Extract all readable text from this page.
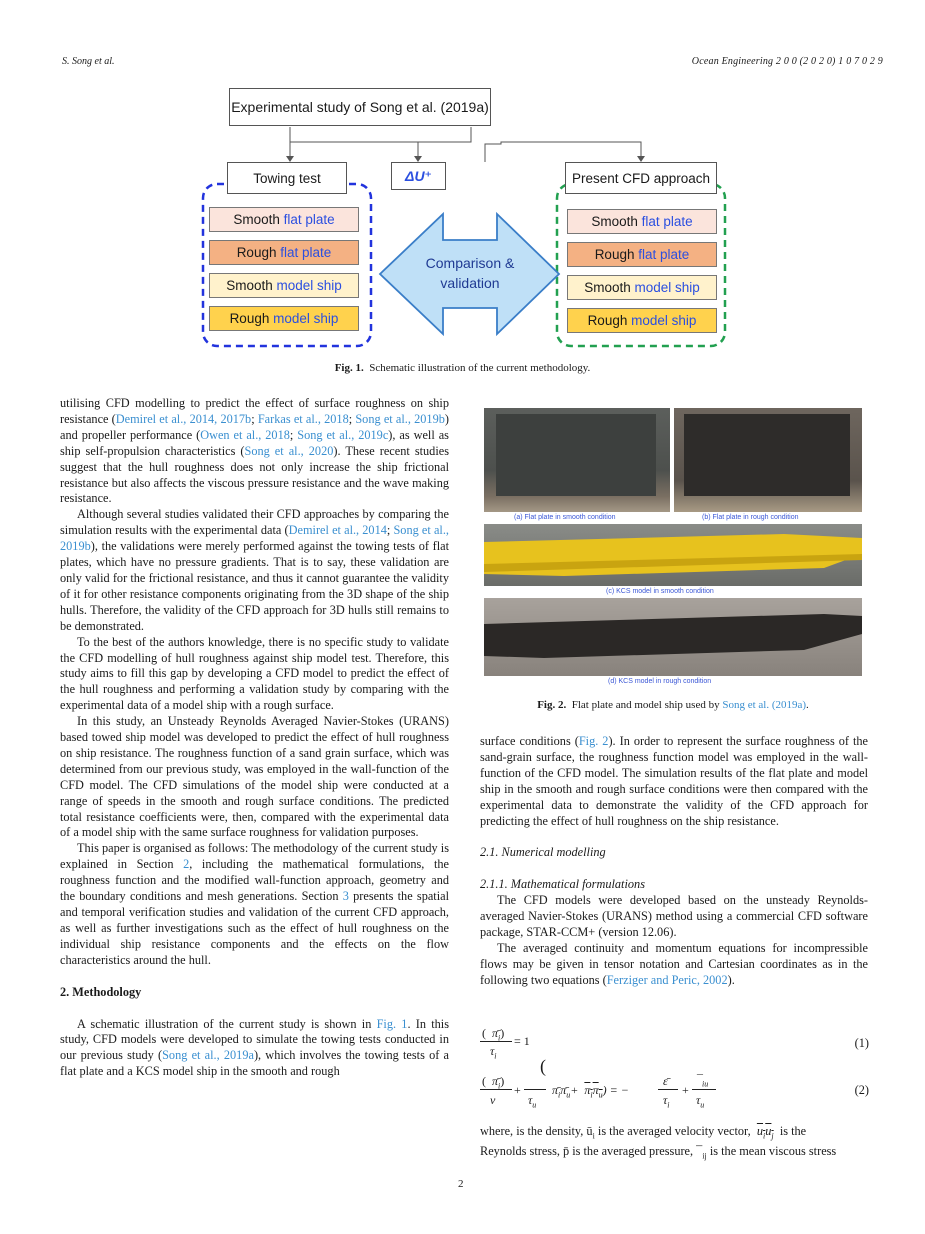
S. Song et al.	Ocean Engineering 2 0 0 (2 0 2 0) 1 0 7 0 2 9
Experimental study of Song et al. (2019a)
Towing test	ΔU⁺	Present CFD approach
Smooth
flat plate
Rough
flat plate
Smooth
model ship
Rough
model ship
Smooth
flat plate
Rough
flat plate
Smooth
model ship
Rough
model ship
Comparison &
validation
Fig. 1. Schematic illustration of the current methodology.
(a) Flat plate in smooth condition	(b) Flat plate in rough condition
(c) KCS model in smooth condition
(d) KCS model in rough condition
Fig. 2. Flat plate and model ship used by Song et al. (2019a).

utilising CFD modelling to predict the effect of surface roughness on ship resistance (Demirel et al., 2014, 2017b; Farkas et al., 2018; Song et al., 2019b) and propeller performance (Owen et al., 2018; Song et al., 2019c), as well as ship self-propulsion characteristics (Song et al., 2020). These recent studies suggest that the hull roughness does not only increase the ship frictional resistance but also affects the viscous pressure resistance and the wave making resistance.

Although several studies validated their CFD approaches by comparing the simulation results with the experimental data (Demirel et al., 2014; Song et al., 2019b), the validations were merely performed against the towing tests of flat plates, which have no pressure gradients. That is to say, these validation are only valid for the frictional resistance, and thus it cannot guarantee the validity of it for other resistance components originating from the 3D shape of the ship hulls. Therefore, the validity of the CFD approach for 3D hulls still remains to be demonstrated.

To the best of the authors knowledge, there is no specific study to validate the CFD modelling of hull roughness against ship model test. Therefore, this study aims to fill this gap by developing a CFD model to predict the effect of the hull roughness and performing a validation study by comparing with the experimental data of a model ship with a rough surface.

In this study, an Unsteady Reynolds Averaged Navier-Stokes (URANS) based towed ship model was developed to predict the effect of hull roughness on ship resistance. The roughness function of a sand grain surface, which was determined from our previous study, was employed in the wall-function of the CFD model. The CFD simulations of the model ship were conducted at a range of speeds in the smooth and rough surface conditions. The predicted total resistance coefficients were, then, compared with the experimental data of a model ship with the same surface roughness for validation purposes.

This paper is organised as follows: The methodology of the current study is explained in Section 2, including the mathematical formulations, the roughness function and the modified wall-function approach, geometry and the boundary conditions and mesh generations. Section 3 presents the spatial and temporal verification studies and validation of the current CFD approach, as well as further investigations such as the effect of hull roughness on the individual ship resistance components and the effects on the flow characteristics around the hull.

2. Methodology

A schematic illustration of the current study is shown in Fig. 1. In this study, CFD models were developed to simulate the towing tests conducted in our previous study (Song et al., 2019a), which involves the towing tests of a flat plate and a KCS model ship in the smooth and rough

surface conditions (Fig. 2). In order to represent the surface roughness of the sand-grain surface, the roughness function model was employed in the wall-function of the CFD model. The simulation results of the flat plate and model ship in the smooth and rough surface conditions were then compared with the experimental data to demonstrate the validity of the CFD approach for predicting the effect of hull roughness on the ship resistance.

2.1. Numerical modelling

2.1.1. Mathematical formulations

The CFD models were developed based on the unsteady Reynolds-averaged Navier-Stokes (URANS) method using a commercial CFD software package, STAR-CCM+ (version 12.06).

The averaged continuity and momentum equations for incompressible flows may be given in tensor notation and Cartesian coordinates as in the following two equations (Ferziger and Peric, 2002).

(  $\pī_i$)
= 1
$\tau_i$
(1)
(
(  $\pī_i$)
ν
+
$\tau_u$
$\pī_i\pī_u+ \pi_i\pi_u$) = −
ε̄
$\tau_i$
+
$¯_{iu}$
$\tau_u$
(2)

where, is the density, $ū_i$ is the averaged velocity vector, $u_iu_j$ is the

Reynolds stress, p̄ is the averaged pressure, $¯_{ij}$ is the mean viscous stress

2
